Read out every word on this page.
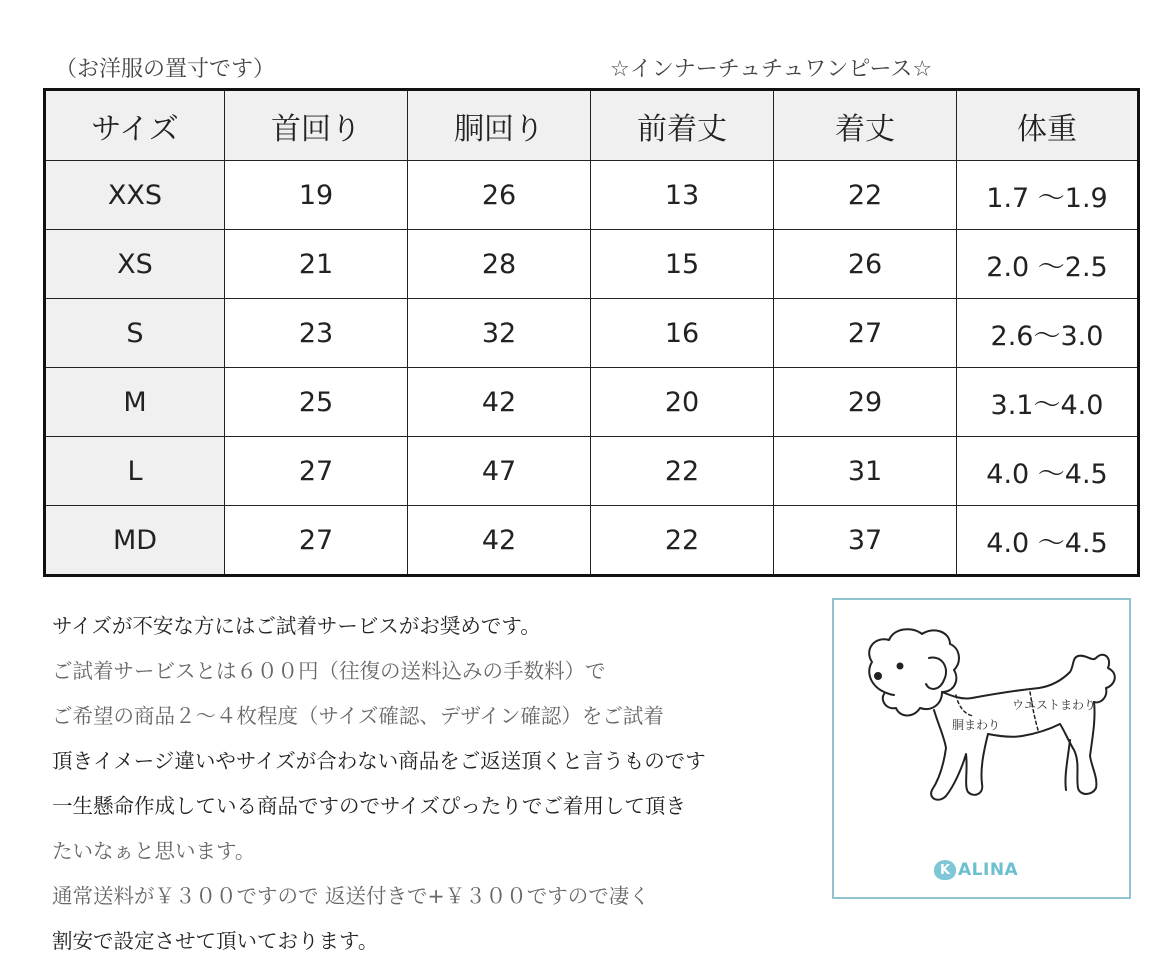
（お洋服の置寸です）	☆インナーチュチュワンピース☆
サイズ	首回り	胴回り	前着丈	着丈	体重
XXS	19	26	13	22	1.7 〜1.9
XS	21	28	15	26	2.0 〜2.5
S	23	32	16	27	2.6〜3.0
M	25	42	20	29	3.1〜4.0
L	27	47	22	31	4.0 〜4.5
MD	27	42	22	37	4.0 〜4.5

サイズが不安な方にはご試着サービスがお奨めです。

ご試着サービスとは６００円（往復の送料込みの手数料）で

ご希望の商品２〜４枚程度（サイズ確認、デザイン確認）をご試着

頂きイメージ違いやサイズが合わない商品をご返送頂くと言うものです

一生懸命作成している商品ですのでサイズぴったりでご着用して頂き

たいなぁと思います。

通常送料が￥３００ですので 返送付きで+￥３００ですので凄く

割安で設定させて頂いております。

胴まわり
ウエストまわり
K ALINA
